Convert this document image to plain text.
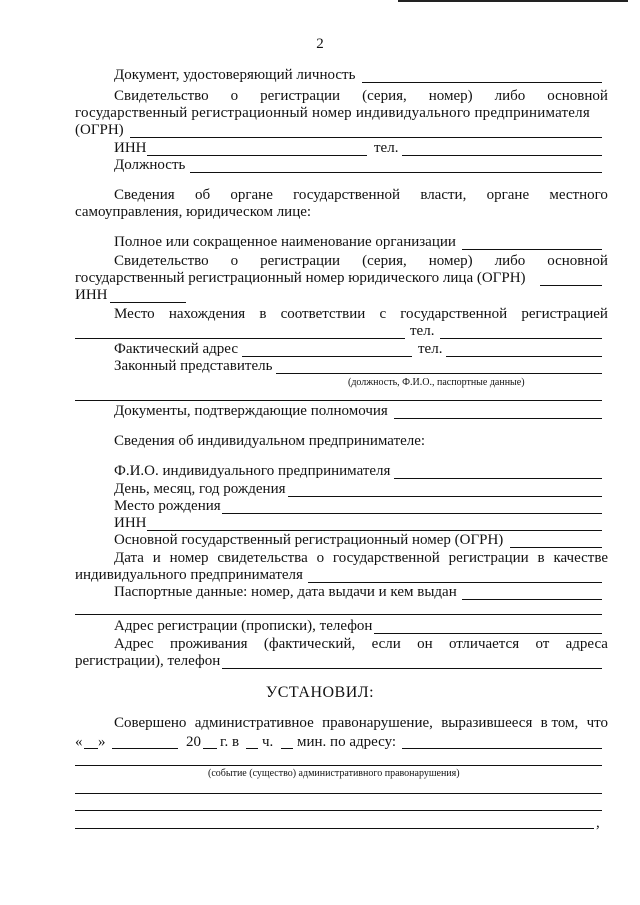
2
Документ, удостоверяющий личность
Свидетельство о регистрации (серия, номер) либо основной
государственный регистрационный номер индивидуального предпринимателя
(ОГРН)
ИНН	тел.
Должность
Сведения об органе государственной власти, органе местного
самоуправления, юридическом лице:
Полное или сокращенное наименование организации
Свидетельство о регистрации (серия, номер) либо основной
государственный регистрационный номер юридического лица (ОГРН)
ИНН
Место нахождения в соответствии с государственной регистрацией
тел.
Фактический адрес	тел.
Законный представитель
(должность, Ф.И.О., паспортные данные)
Документы, подтверждающие полномочия
Сведения об индивидуальном предпринимателе:
Ф.И.О. индивидуального предпринимателя
День, месяц, год рождения
Место рождения
ИНН
Основной государственный регистрационный номер (ОГРН)
Дата и номер свидетельства о государственной регистрации в качестве
индивидуального предпринимателя
Паспортные данные: номер, дата выдачи и кем выдан
Адрес регистрации (прописки), телефон
Адрес проживания (фактический, если он отличается от адреса
регистрации), телефон
УСТАНОВИЛ:
Совершено административное правонарушение, выразившееся в том, что
« »	20 г. в ч. мин. по адресу:
(событие (существо) административного правонарушения)
,
